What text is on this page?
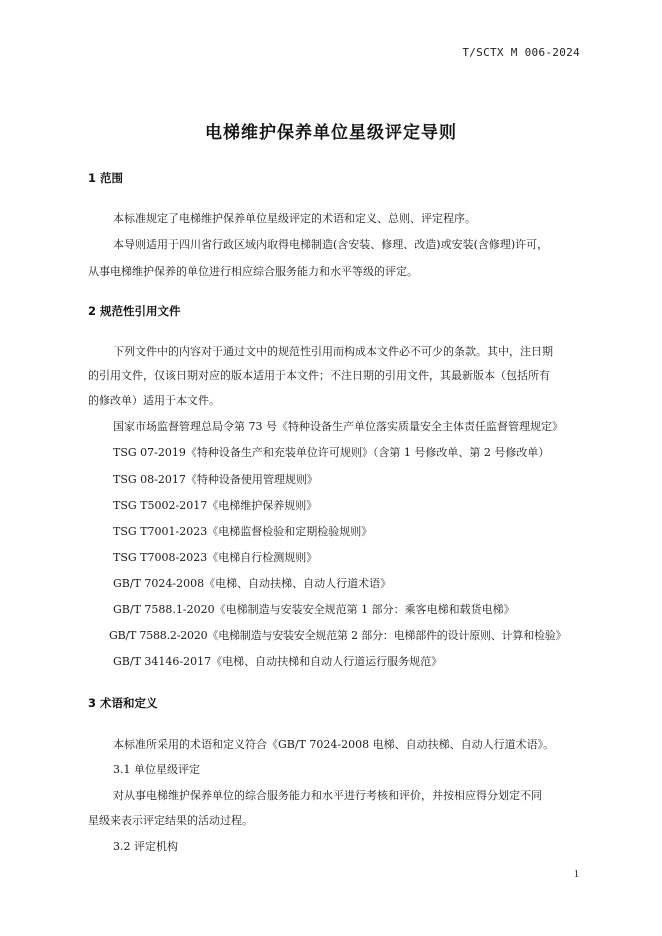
T/SCTX M 006-2024
电梯维护保养单位星级评定导则
1 范围
本标准规定了电梯维护保养单位星级评定的术语和定义、总则、评定程序。
本导则适用于四川省行政区域内取得电梯制造(含安装、修理、改造)或安装(含修理)许可，
从事电梯维护保养的单位进行相应综合服务能力和水平等级的评定。
2 规范性引用文件
下列文件中的内容对于通过文中的规范性引用而构成本文件必不可少的条款。其中，注日期
的引用文件，仅该日期对应的版本适用于本文件；不注日期的引用文件，其最新版本（包括所有
的修改单）适用于本文件。
国家市场监督管理总局令第 73 号《特种设备生产单位落实质量安全主体责任监督管理规定》
TSG 07-2019《特种设备生产和充装单位许可规则》（含第 1 号修改单、第 2 号修改单）
TSG 08-2017《特种设备使用管理规则》
TSG T5002-2017《电梯维护保养规则》
TSG T7001-2023《电梯监督检验和定期检验规则》
TSG T7008-2023《电梯自行检测规则》
GB/T 7024-2008《电梯、自动扶梯、自动人行道术语》
GB/T 7588.1-2020《电梯制造与安装安全规范第 1 部分：乘客电梯和载货电梯》
GB/T 7588.2-2020《电梯制造与安装安全规范第 2 部分：电梯部件的设计原则、计算和检验》
GB/T 34146-2017《电梯、自动扶梯和自动人行道运行服务规范》
3 术语和定义
本标准所采用的术语和定义符合《GB/T 7024-2008 电梯、自动扶梯、自动人行道术语》。
3.1 单位星级评定
对从事电梯维护保养单位的综合服务能力和水平进行考核和评价，并按相应得分划定不同
星级来表示评定结果的活动过程。
3.2 评定机构
1
